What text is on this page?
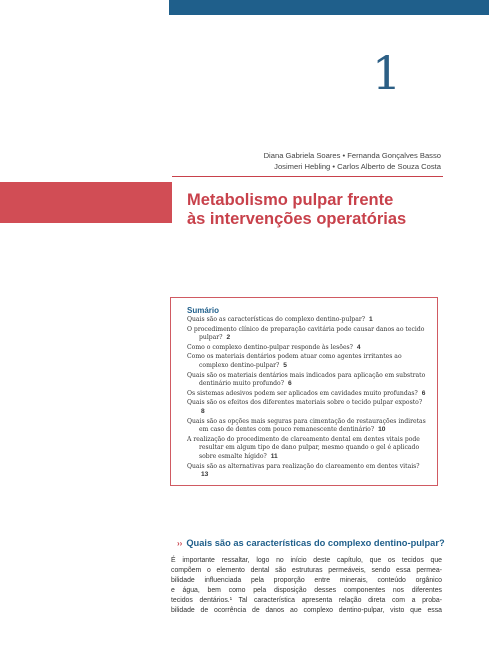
1
Diana Gabriela Soares • Fernanda Gonçalves Basso
Josimeri Hebling • Carlos Alberto de Souza Costa
Metabolismo pulpar frente
às intervenções operatórias
Sumário
Quais são as características do complexo dentino-pulpar? 1
O procedimento clínico de preparação cavitária pode causar danos ao tecido pulpar? 2
Como o complexo dentino-pulpar responde às lesões? 4
Como os materiais dentários podem atuar como agentes irritantes ao complexo dentino-pulpar? 5
Quais são os materiais dentários mais indicados para aplicação em substrato dentinário muito profundo? 6
Os sistemas adesivos podem ser aplicados em cavidades muito profundas? 6
Quais são os efeitos dos diferentes materiais sobre o tecido pulpar exposto? 8
Quais são as opções mais seguras para cimentação de restaurações indiretas em caso de dentes com pouco remanescente dentinário? 10
A realização do procedimento de clareamento dental em dentes vitais pode resultar em algum tipo de dano pulpar, mesmo quando o gel é aplicado sobre esmalte hígido? 11
Quais são as alternativas para realização do clareamento em dentes vitais? 13
›› Quais são as características do complexo dentino-pulpar?
É importante ressaltar, logo no início deste capítulo, que os tecidos que
compõem o elemento dental são estruturas permeáveis, sendo essa permea-
bilidade influenciada pela proporção entre minerais, conteúdo orgânico
e água, bem como pela disposição desses componentes nos diferentes
tecidos dentários.¹ Tal característica apresenta relação direta com a proba-
bilidade de ocorrência de danos ao complexo dentino-pulpar, visto que essa
